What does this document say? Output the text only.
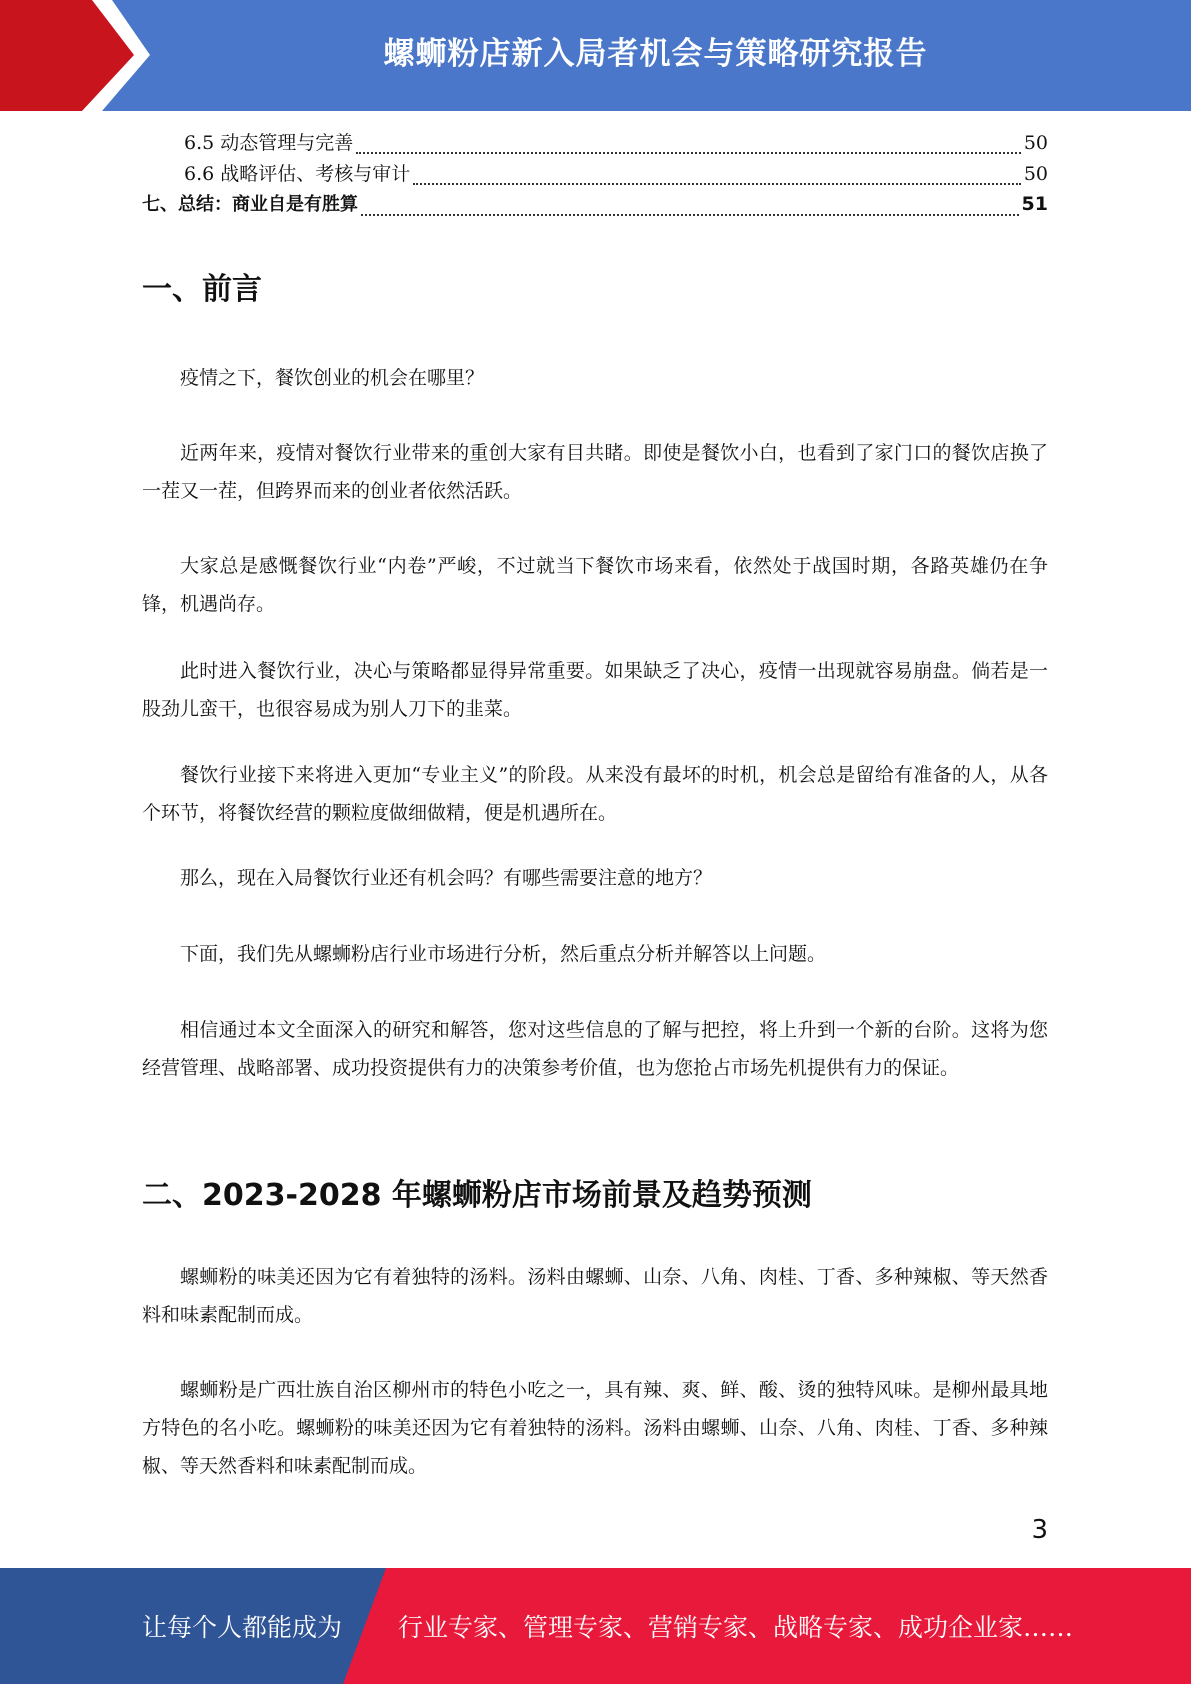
螺蛳粉店新入局者机会与策略研究报告
6.5 动态管理与完善	50
6.6 战略评估、考核与审计	50
七、总结：商业自是有胜算	51
一、前言
疫情之下，餐饮创业的机会在哪里？
近两年来，疫情对餐饮行业带来的重创大家有目共睹。即使是餐饮小白，也看到了家门口的餐饮店换了一茬又一茬，但跨界而来的创业者依然活跃。
大家总是感慨餐饮行业“内卷”严峻，不过就当下餐饮市场来看，依然处于战国时期，各路英雄仍在争锋，机遇尚存。
此时进入餐饮行业，决心与策略都显得异常重要。如果缺乏了决心，疫情一出现就容易崩盘。倘若是一股劲儿蛮干，也很容易成为别人刀下的韭菜。
餐饮行业接下来将进入更加“专业主义”的阶段。从来没有最坏的时机，机会总是留给有准备的人，从各个环节，将餐饮经营的颗粒度做细做精，便是机遇所在。
那么，现在入局餐饮行业还有机会吗？有哪些需要注意的地方？
下面，我们先从螺蛳粉店行业市场进行分析，然后重点分析并解答以上问题。
相信通过本文全面深入的研究和解答，您对这些信息的了解与把控，将上升到一个新的台阶。这将为您经营管理、战略部署、成功投资提供有力的决策参考价值，也为您抢占市场先机提供有力的保证。
二、2023-2028 年螺蛳粉店市场前景及趋势预测
螺蛳粉的味美还因为它有着独特的汤料。汤料由螺蛳、山奈、八角、肉桂、丁香、多种辣椒、等天然香料和味素配制而成。
螺蛳粉是广西壮族自治区柳州市的特色小吃之一，具有辣、爽、鲜、酸、烫的独特风味。是柳州最具地方特色的名小吃。螺蛳粉的味美还因为它有着独特的汤料。汤料由螺蛳、山奈、八角、肉桂、丁香、多种辣椒、等天然香料和味素配制而成。
3
让每个人都能成为 行业专家、管理专家、营销专家、战略专家、成功企业家……
